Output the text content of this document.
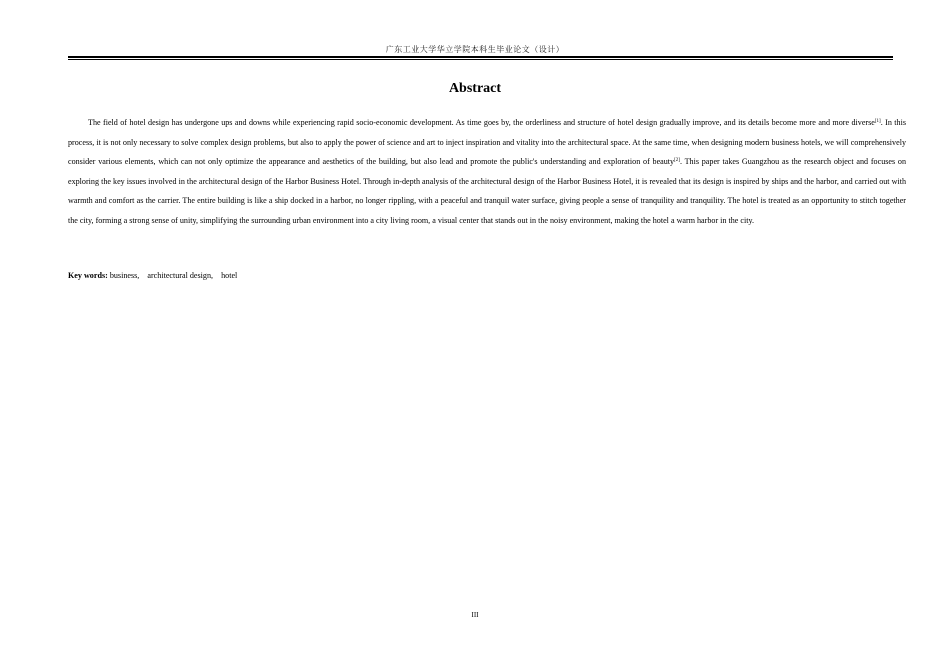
广东工业大学华立学院本科生毕业论文（设计）
Abstract

The field of hotel design has undergone ups and downs while experiencing rapid socio-economic development. As time goes by, the orderliness and structure of hotel design gradually improve, and its details become more and more diverse[1]. In this process, it is not only necessary to solve complex design problems, but also to apply the power of science and art to inject inspiration and vitality into the architectural space. At the same time, when designing modern business hotels, we will comprehensively consider various elements, which can not only optimize the appearance and aesthetics of the building, but also lead and promote the public's understanding and exploration of beauty[2]. This paper takes Guangzhou as the research object and focuses on exploring the key issues involved in the architectural design of the Harbor Business Hotel. Through in-depth analysis of the architectural design of the Harbor Business Hotel, it is revealed that its design is inspired by ships and the harbor, and carried out with warmth and comfort as the carrier. The entire building is like a ship docked in a harbor, no longer rippling, with a peaceful and tranquil water surface, giving people a sense of tranquility and tranquility. The hotel is treated as an opportunity to stitch together the city, forming a strong sense of unity, simplifying the surrounding urban environment into a city living room, a visual center that stands out in the noisy environment, making the hotel a warm harbor in the city.

Key words: business, architectural design, hotel
III
